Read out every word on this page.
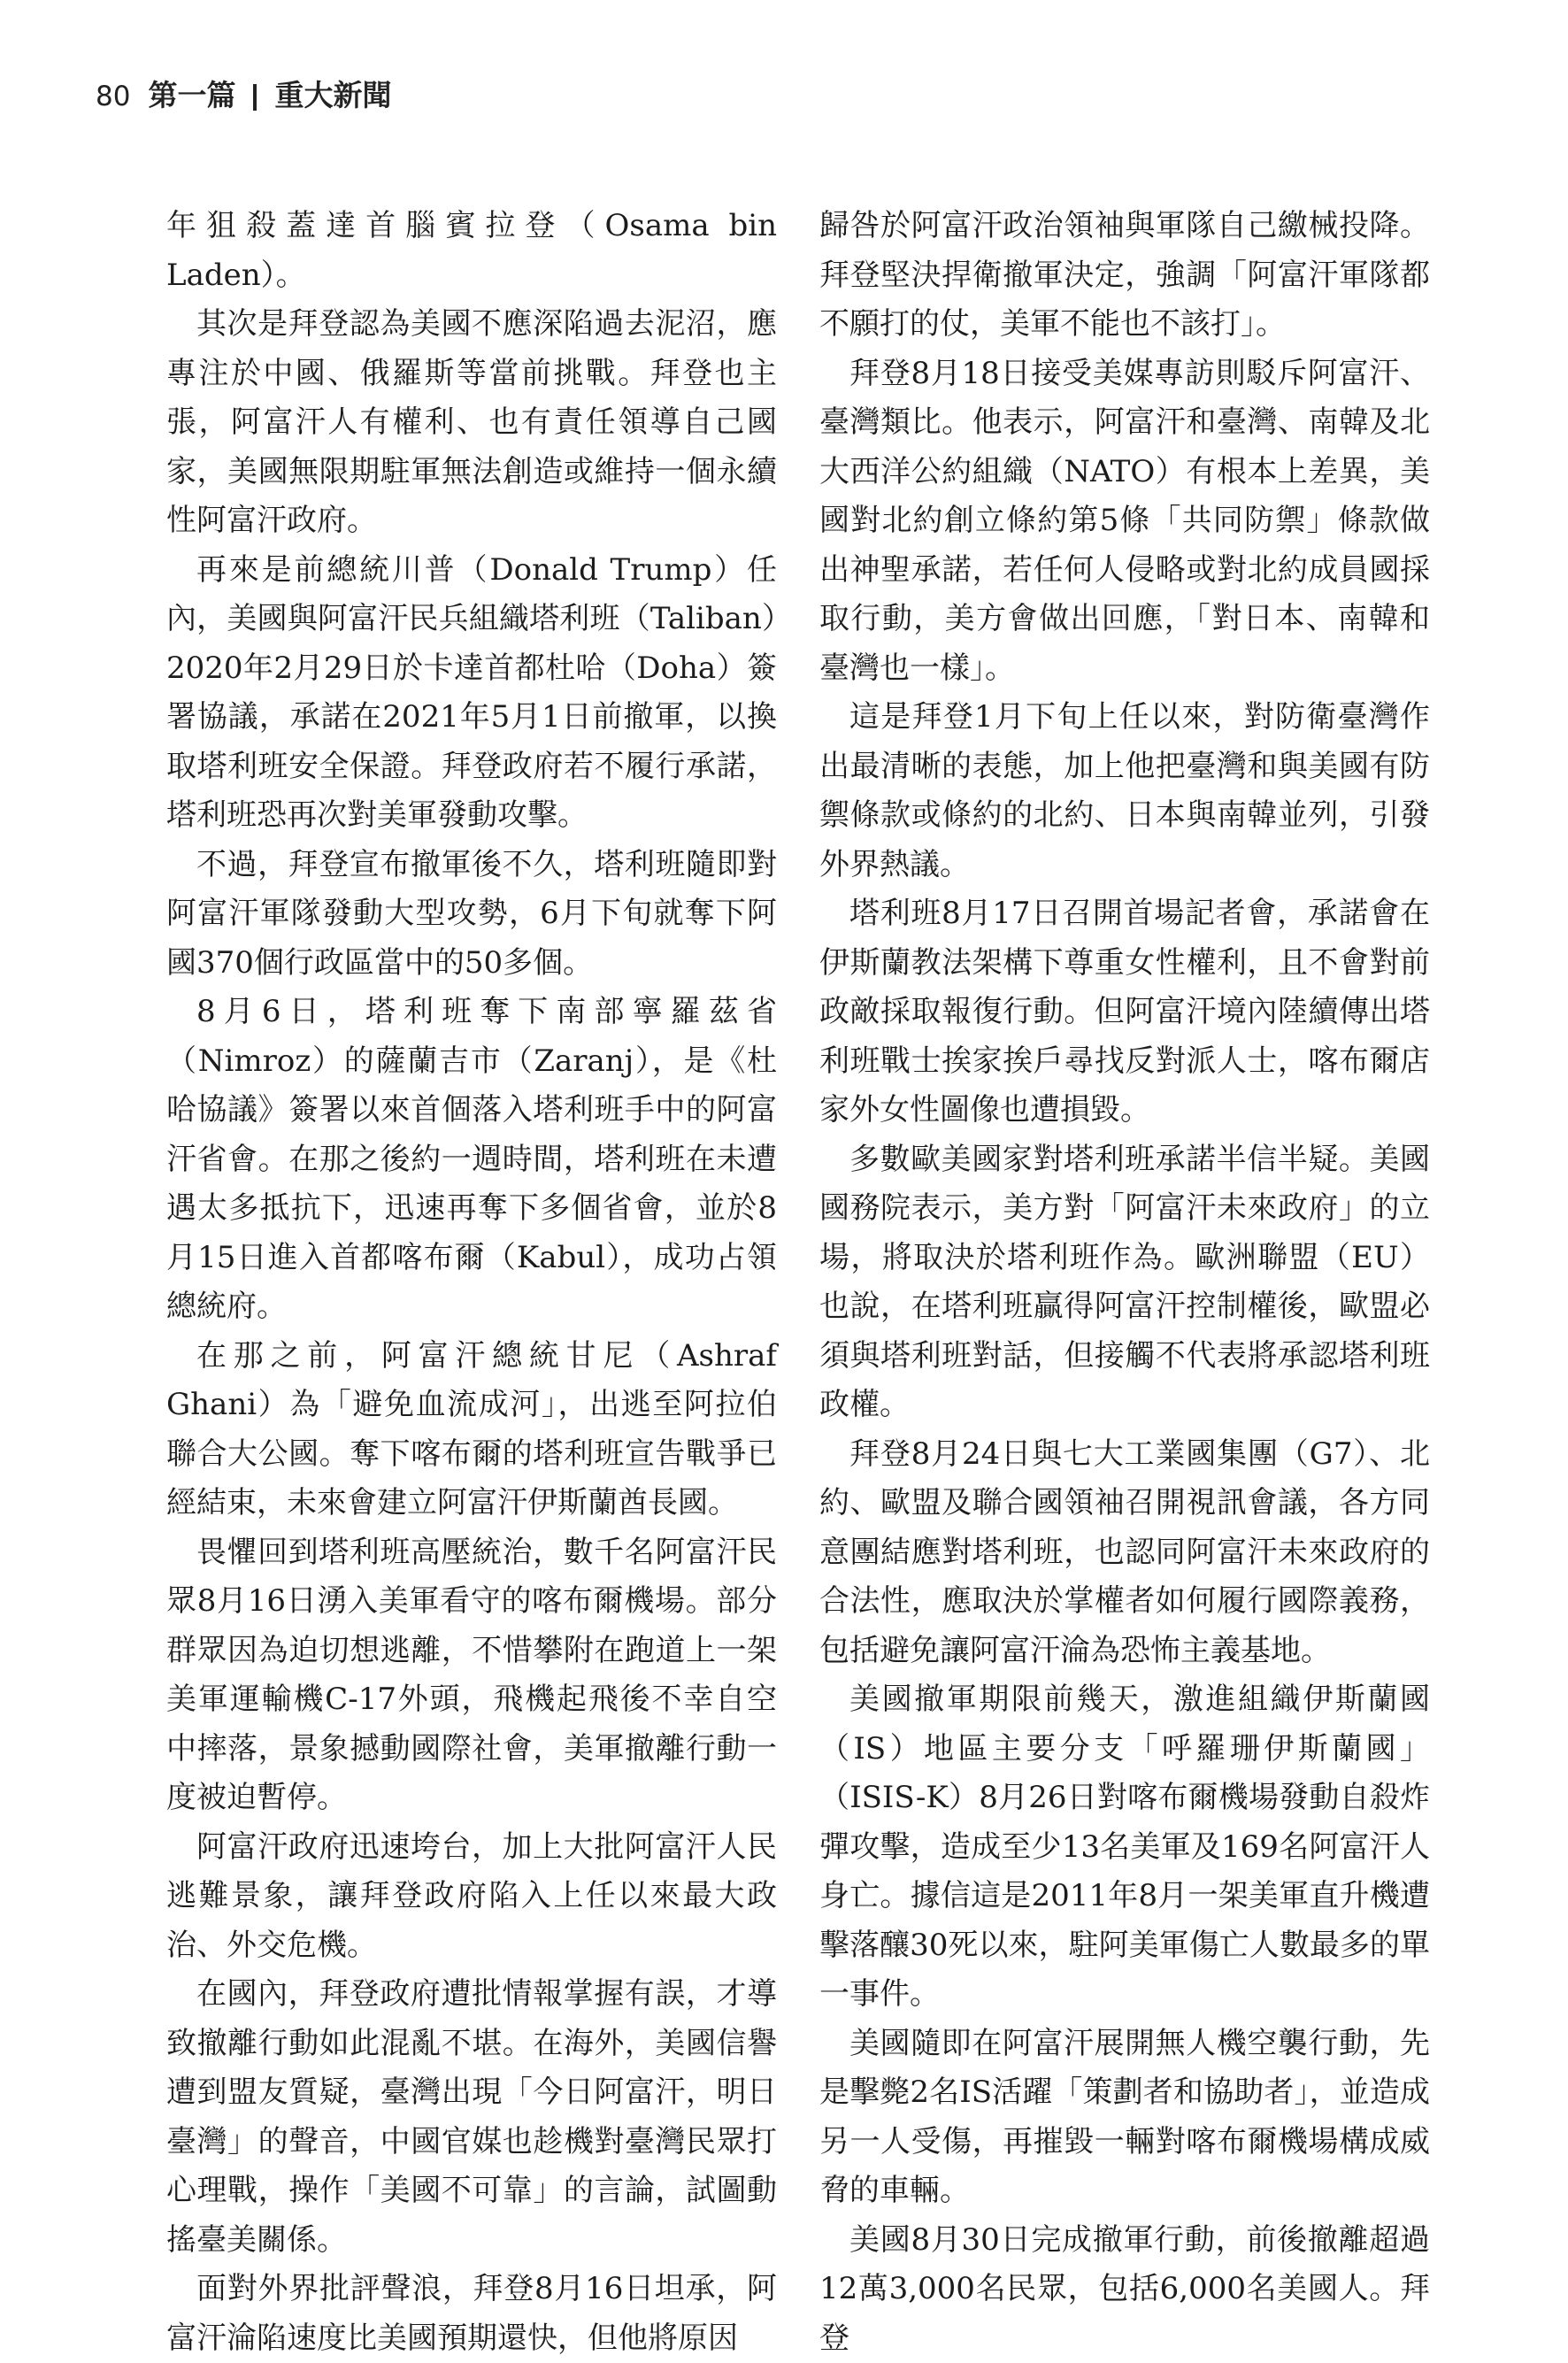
80 第一篇 重大新聞

年狙殺蓋達首腦賓拉登（Osama bin Laden）。

其次是拜登認為美國不應深陷過去泥沼，應專注於中國、俄羅斯等當前挑戰。拜登也主張，阿富汗人有權利、也有責任領導自己國家，美國無限期駐軍無法創造或維持一個永續性阿富汗政府。

再來是前總統川普（Donald Trump）任內，美國與阿富汗民兵組織塔利班（Taliban）2020年2月29日於卡達首都杜哈（Doha）簽署協議，承諾在2021年5月1日前撤軍，以換取塔利班安全保證。拜登政府若不履行承諾，塔利班恐再次對美軍發動攻擊。

不過，拜登宣布撤軍後不久，塔利班隨即對阿富汗軍隊發動大型攻勢，6月下旬就奪下阿國370個行政區當中的50多個。

8月6日，塔利班奪下南部寧羅茲省（Nimroz）的薩蘭吉市（Zaranj），是《杜哈協議》簽署以來首個落入塔利班手中的阿富汗省會。在那之後約一週時間，塔利班在未遭遇太多抵抗下，迅速再奪下多個省會，並於8月15日進入首都喀布爾（Kabul），成功占領總統府。

在那之前，阿富汗總統甘尼（Ashraf Ghani）為「避免血流成河」，出逃至阿拉伯聯合大公國。奪下喀布爾的塔利班宣告戰爭已經結束，未來會建立阿富汗伊斯蘭酋長國。

畏懼回到塔利班高壓統治，數千名阿富汗民眾8月16日湧入美軍看守的喀布爾機場。部分群眾因為迫切想逃離，不惜攀附在跑道上一架美軍運輸機C-17外頭，飛機起飛後不幸自空中摔落，景象撼動國際社會，美軍撤離行動一度被迫暫停。

阿富汗政府迅速垮台，加上大批阿富汗人民逃難景象，讓拜登政府陷入上任以來最大政治、外交危機。

在國內，拜登政府遭批情報掌握有誤，才導致撤離行動如此混亂不堪。在海外，美國信譽遭到盟友質疑，臺灣出現「今日阿富汗，明日臺灣」的聲音，中國官媒也趁機對臺灣民眾打心理戰，操作「美國不可靠」的言論，試圖動搖臺美關係。

面對外界批評聲浪，拜登8月16日坦承，阿富汗淪陷速度比美國預期還快，但他將原因

歸咎於阿富汗政治領袖與軍隊自己繳械投降。拜登堅決捍衛撤軍決定，強調「阿富汗軍隊都不願打的仗，美軍不能也不該打」。

拜登8月18日接受美媒專訪則駁斥阿富汗、臺灣類比。他表示，阿富汗和臺灣、南韓及北大西洋公約組織（NATO）有根本上差異，美國對北約創立條約第5條「共同防禦」條款做出神聖承諾，若任何人侵略或對北約成員國採取行動，美方會做出回應，「對日本、南韓和臺灣也一樣」。

這是拜登1月下旬上任以來，對防衛臺灣作出最清晰的表態，加上他把臺灣和與美國有防禦條款或條約的北約、日本與南韓並列，引發外界熱議。

塔利班8月17日召開首場記者會，承諾會在伊斯蘭教法架構下尊重女性權利，且不會對前政敵採取報復行動。但阿富汗境內陸續傳出塔利班戰士挨家挨戶尋找反對派人士，喀布爾店家外女性圖像也遭損毀。

多數歐美國家對塔利班承諾半信半疑。美國國務院表示，美方對「阿富汗未來政府」的立場，將取決於塔利班作為。歐洲聯盟（EU）也說，在塔利班贏得阿富汗控制權後，歐盟必須與塔利班對話，但接觸不代表將承認塔利班政權。

拜登8月24日與七大工業國集團（G7）、北約、歐盟及聯合國領袖召開視訊會議，各方同意團結應對塔利班，也認同阿富汗未來政府的合法性，應取決於掌權者如何履行國際義務，包括避免讓阿富汗淪為恐怖主義基地。

美國撤軍期限前幾天，激進組織伊斯蘭國（IS）地區主要分支「呼羅珊伊斯蘭國」（ISIS-K）8月26日對喀布爾機場發動自殺炸彈攻擊，造成至少13名美軍及169名阿富汗人身亡。據信這是2011年8月一架美軍直升機遭擊落釀30死以來，駐阿美軍傷亡人數最多的單一事件。

美國隨即在阿富汗展開無人機空襲行動，先是擊斃2名IS活躍「策劃者和協助者」，並造成另一人受傷，再摧毀一輛對喀布爾機場構成威脅的車輛。

美國8月30日完成撤軍行動，前後撤離超過12萬3,000名民眾，包括6,000名美國人。拜登
